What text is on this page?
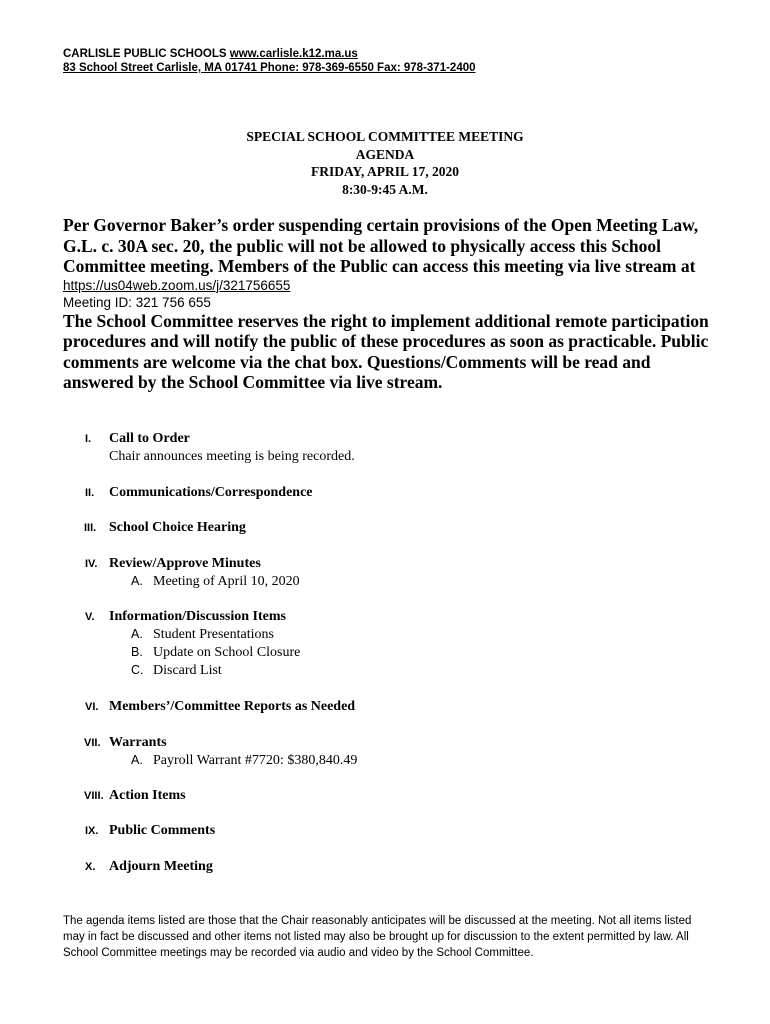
CARLISLE PUBLIC SCHOOLS www.carlisle.k12.ma.us
83 School Street Carlisle, MA 01741 Phone: 978-369-6550 Fax: 978-371-2400
SPECIAL SCHOOL COMMITTEE MEETING
AGENDA
FRIDAY, APRIL 17, 2020
8:30-9:45 A.M.
Per Governor Baker’s order suspending certain provisions of the Open Meeting Law, G.L. c. 30A sec. 20, the public will not be allowed to physically access this School Committee meeting. Members of the Public can access this meeting via live stream at
https://us04web.zoom.us/j/321756655
Meeting ID: 321 756 655
The School Committee reserves the right to implement additional remote participation procedures and will notify the public of these procedures as soon as practicable. Public comments are welcome via the chat box. Questions/Comments will be read and answered by the School Committee via live stream.
I. Call to Order
Chair announces meeting is being recorded.
II. Communications/Correspondence
III. School Choice Hearing
IV. Review/Approve Minutes
A. Meeting of April 10, 2020
V. Information/Discussion Items
A. Student Presentations
B. Update on School Closure
C. Discard List
VI. Members’/Committee Reports as Needed
VII. Warrants
A. Payroll Warrant #7720: $380,840.49
VIII. Action Items
IX. Public Comments
X. Adjourn Meeting
The agenda items listed are those that the Chair reasonably anticipates will be discussed at the meeting. Not all items listed may in fact be discussed and other items not listed may also be brought up for discussion to the extent permitted by law. All School Committee meetings may be recorded via audio and video by the School Committee.
